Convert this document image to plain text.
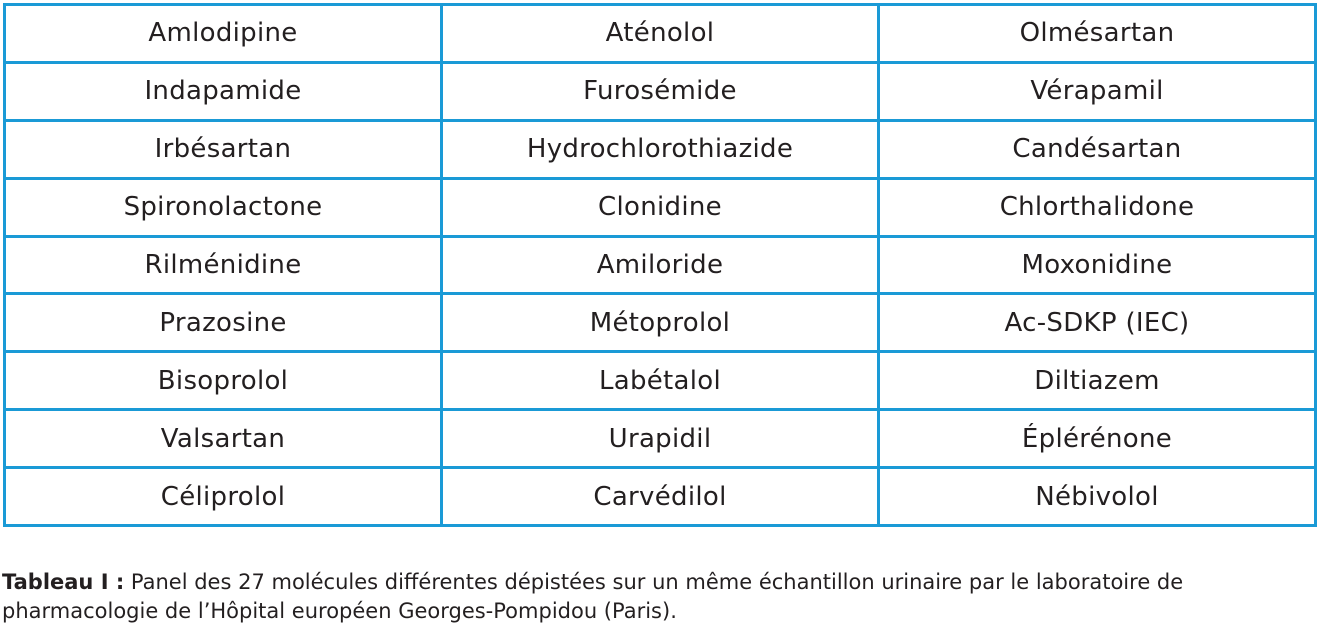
Amlodipine	Aténolol	Olmésartan
Indapamide	Furosémide	Vérapamil
Irbésartan	Hydrochlorothiazide	Candésartan
Spironolactone	Clonidine	Chlorthalidone
Rilménidine	Amiloride	Moxonidine
Prazosine	Métoprolol	Ac-SDKP (IEC)
Bisoprolol	Labétalol	Diltiazem
Valsartan	Urapidil	Éplérénone
Céliprolol	Carvédilol	Nébivolol

Tableau I : Panel des 27 molécules différentes dépistées sur un même échantillon urinaire par le laboratoire de pharmacologie de l’Hôpital européen Georges-Pompidou (Paris).
